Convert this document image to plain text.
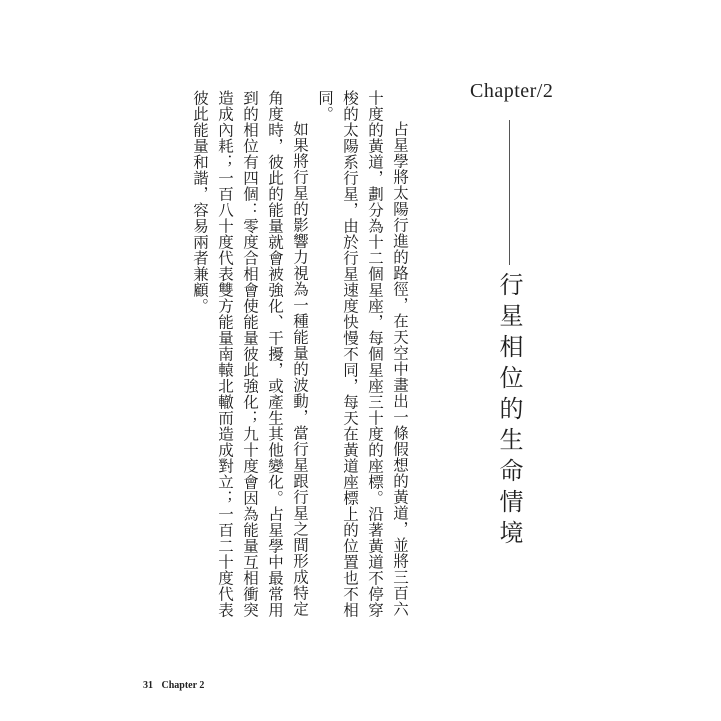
Chapter/2
行星相位的生命情境

占星學將太陽行進的路徑，在天空中畫出一條假想的黃道，並將三百六十度的黃道，劃分為十二個星座，每個星座三十度的座標。沿著黃道不停穿梭的太陽系行星，由於行星速度快慢不同，每天在黃道座標上的位置也不相同。

如果將行星的影響力視為一種能量的波動，當行星跟行星之間形成特定角度時，彼此的能量就會被強化、干擾，或產生其他變化。占星學中最常用到的相位有四個：零度合相會使能量彼此強化；九十度會因為能量互相衝突造成內耗；一百八十度代表雙方能量南轅北轍而造成對立；一百二十度代表彼此能量和諧，容易兩者兼顧。

31 Chapter 2
